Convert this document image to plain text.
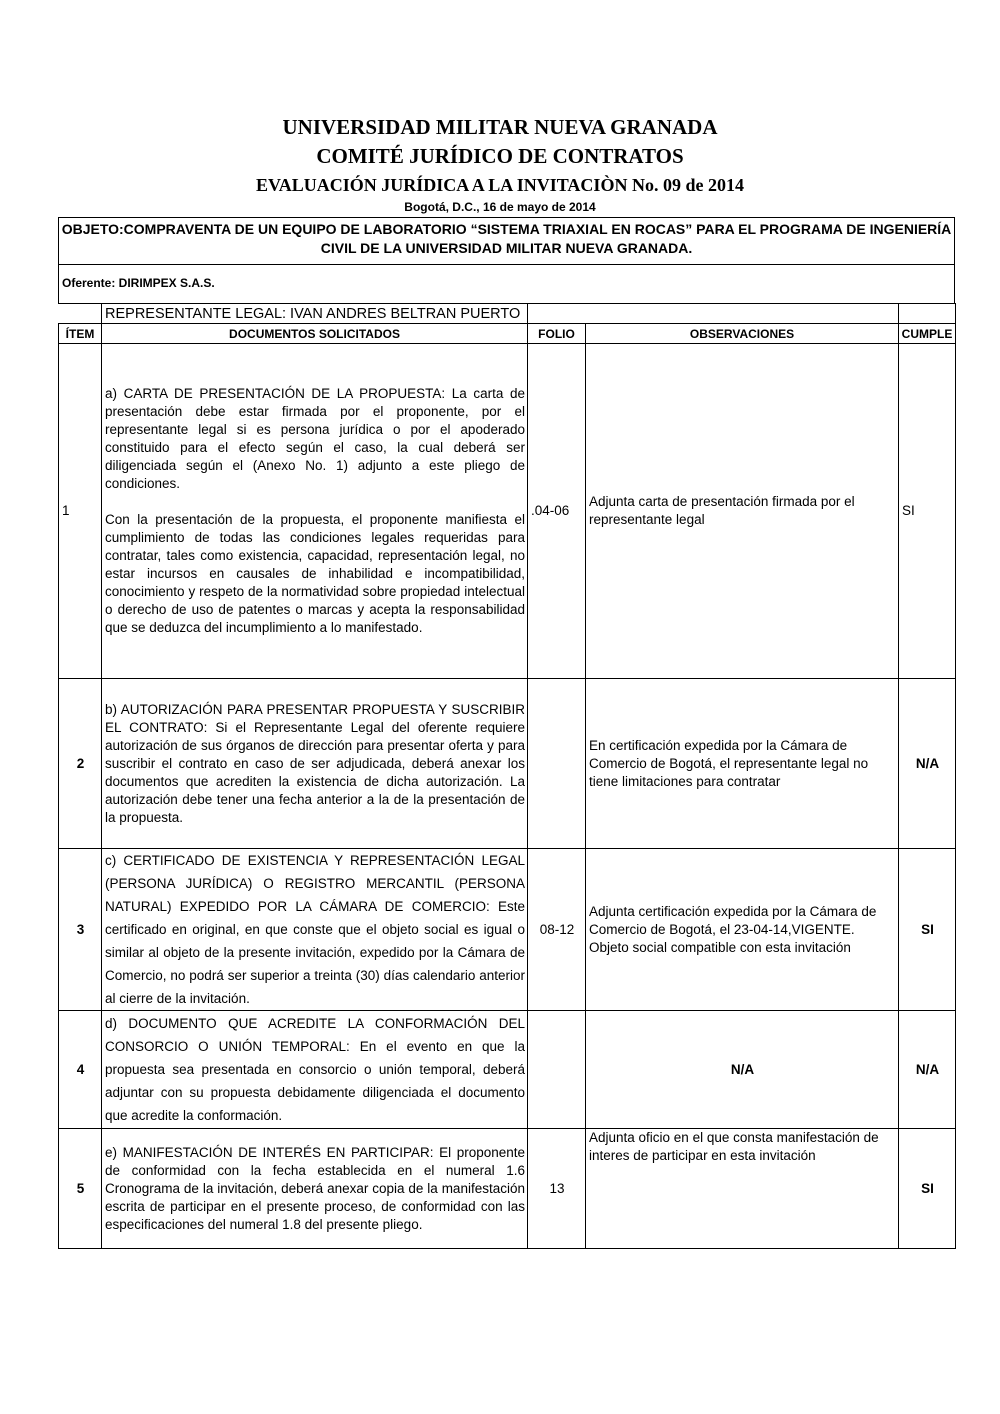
UNIVERSIDAD MILITAR NUEVA GRANADA
COMITÉ JURÍDICO DE CONTRATOS
EVALUACIÓN JURÍDICA A LA INVITACIÒN No. 09 de 2014
Bogotá, D.C., 16 de mayo de 2014
OBJETO:COMPRAVENTA DE UN EQUIPO DE LABORATORIO “SISTEMA TRIAXIAL EN ROCAS” PARA EL PROGRAMA DE INGENIERÍA CIVIL DE LA UNIVERSIDAD MILITAR NUEVA GRANADA.
Oferente: DIRIMPEX S.A.S.
	REPRESENTANTE LEGAL: IVAN ANDRES BELTRAN PUERTO			
ÍTEM	DOCUMENTOS SOLICITADOS	FOLIO	OBSERVACIONES	CUMPLE
1	a) CARTA DE PRESENTACIÓN DE LA PROPUESTA: La carta de presentación debe estar firmada por el proponente, por el representante legal si es persona jurídica o por el apoderado constituido para el efecto según el caso, la cual deberá ser diligenciada según el (Anexo No. 1) adjunto a este pliego de condiciones.

Con la presentación de la propuesta, el proponente manifiesta el cumplimiento de todas las condiciones legales requeridas para contratar, tales como existencia, capacidad, representación legal, no estar incursos en causales de inhabilidad e incompatibilidad, conocimiento y respeto de la normatividad sobre propiedad intelectual o derecho de uso de patentes o marcas y acepta la responsabilidad que se deduzca del incumplimiento a lo manifestado.	.04-06	Adjunta carta de presentación firmada por el representante legal	SI
2	b) AUTORIZACIÓN PARA PRESENTAR PROPUESTA Y SUSCRIBIR EL CONTRATO: Si el Representante Legal del oferente requiere autorización de sus órganos de dirección para presentar oferta y para suscribir el contrato en caso de ser adjudicada, deberá anexar los documentos que acrediten la existencia de dicha autorización. La autorización debe tener una fecha anterior a la de la presentación de la propuesta.		En certificación expedida por la Cámara de Comercio de Bogotá, el representante legal no tiene limitaciones para contratar	N/A
3	c) CERTIFICADO DE EXISTENCIA Y REPRESENTACIÓN LEGAL (PERSONA JURÍDICA) O REGISTRO MERCANTIL (PERSONA NATURAL) EXPEDIDO POR LA CÁMARA DE COMERCIO: Este certificado en original, en que conste que el objeto social es igual o similar al objeto de la presente invitación, expedido por la Cámara de Comercio, no podrá ser superior a treinta (30) días calendario anterior al cierre de la invitación.	08-12	Adjunta certificación expedida por la Cámara de Comercio de Bogotá, el 23-04-14,VIGENTE. Objeto social compatible con esta invitación	SI
4	d) DOCUMENTO QUE ACREDITE LA CONFORMACIÓN DEL CONSORCIO O UNIÓN TEMPORAL: En el evento en que la propuesta sea presentada en consorcio o unión temporal, deberá adjuntar con su propuesta debidamente diligenciada el documento que acredite la conformación.		N/A	N/A
5	e) MANIFESTACIÓN DE INTERÉS EN PARTICIPAR: El proponente de conformidad con la fecha establecida en el numeral 1.6 Cronograma de la invitación, deberá anexar copia de la manifestación escrita de participar en el presente proceso, de conformidad con las especificaciones del numeral 1.8 del presente pliego.	13	Adjunta oficio en el que consta manifestación de interes de participar en esta invitación	SI
